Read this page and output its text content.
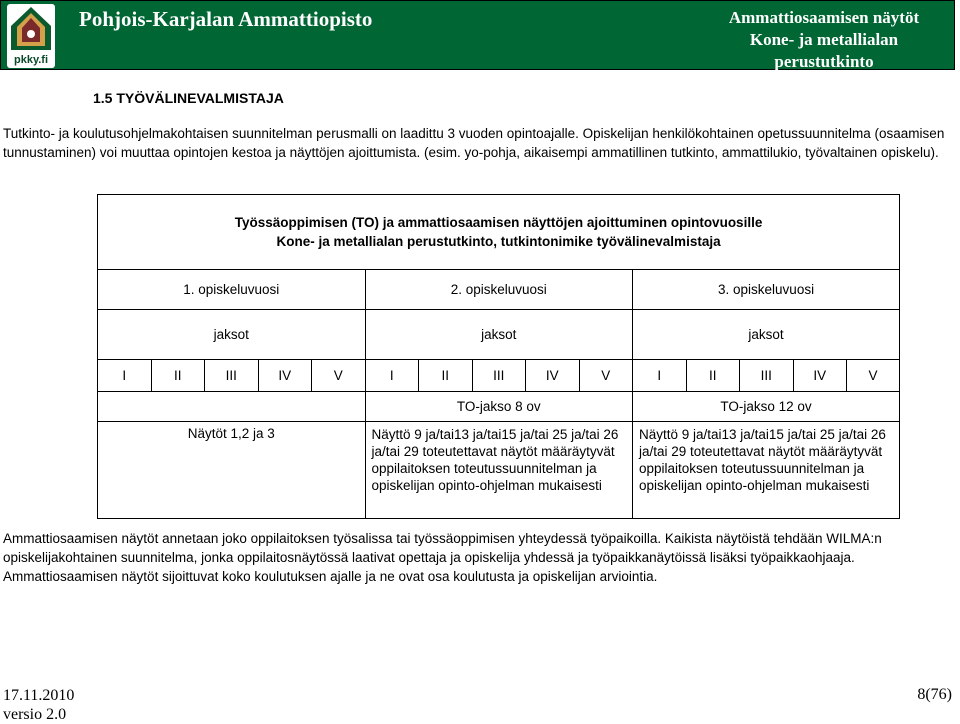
pkky.fi
Pohjois-Karjalan Ammattiopisto	Ammattiosaamisen näytöt
Kone- ja metallialan
perustutkinto
1.5 TYÖVÄLINEVALMISTAJA
Tutkinto- ja koulutusohjelmakohtaisen suunnitelman perusmalli on laadittu 3 vuoden opintoajalle. Opiskelijan henkilökohtainen opetussuunnitelma (osaamisen tunnustaminen) voi muuttaa opintojen kestoa ja näyttöjen ajoittumista. (esim. yo-pohja, aikaisempi ammatillinen tutkinto, ammattilukio, työvaltainen opiskelu).
Työssäoppimisen (TO) ja ammattiosaamisen näyttöjen ajoittuminen opintovuosille
Kone- ja metallialan perustutkinto, tutkintonimike työvälinevalmistaja														

1. opiskeluvuosi					2. opiskeluvuosi					3. opiskeluvuosi				
jaksot					jaksot					jaksot				
I	II	III	IV	V	I	II	III	IV	V	I	II	III	IV	V
					TO-jakso 8 ov					TO-jakso 12 ov				
Näytöt 1,2 ja 3					Näyttö 9 ja/tai13 ja/tai15 ja/tai 25 ja/tai 26 ja/tai 29 toteutettavat näytöt määräytyvät oppilaitoksen toteutussuunnitelman ja opiskelijan opinto-ohjelman mukaisesti					Näyttö 9 ja/tai13 ja/tai15 ja/tai 25 ja/tai 26 ja/tai 29 toteutettavat näytöt määräytyvät oppilaitoksen toteutussuunnitelman ja opiskelijan opinto-ohjelman mukaisesti				
Ammattiosaamisen näytöt annetaan joko oppilaitoksen työsalissa tai työssäoppimisen yhteydessä työpaikoilla. Kaikista näytöistä tehdään WILMA:n opiskelijakohtainen suunnitelma, jonka oppilaitosnäytössä laativat opettaja ja opiskelija yhdessä ja työpaikkanäytöissä lisäksi työpaikkaohjaaja. Ammattiosaamisen näytöt sijoittuvat koko koulutuksen ajalle ja ne ovat osa koulutusta ja opiskelijan arviointia.
17.11.2010
versio 2.0
8(76)
